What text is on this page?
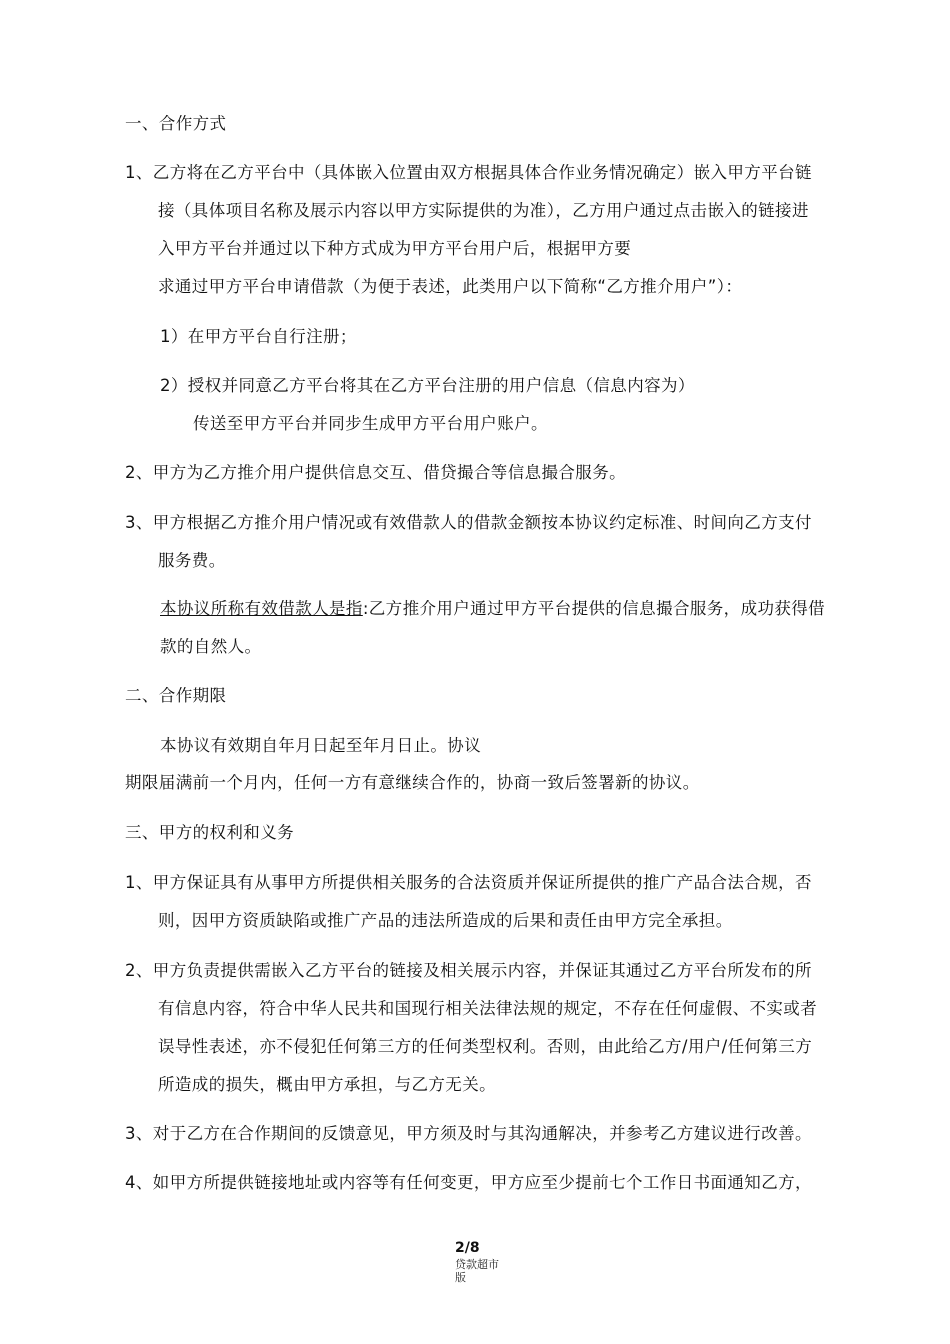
一、合作方式
1、乙方将在乙方平台中（具体嵌入位置由双方根据具体合作业务情况确定）嵌入甲方平台链
接（具体项目名称及展示内容以甲方实际提供的为准），乙方用户通过点击嵌入的链接进
入甲方平台并通过以下种方式成为甲方平台用户后，根据甲方要
求通过甲方平台申请借款（为便于表述，此类用户以下简称“乙方推介用户”）：
1）在甲方平台自行注册；
2）授权并同意乙方平台将其在乙方平台注册的用户信息（信息内容为）
传送至甲方平台并同步生成甲方平台用户账户。
2、甲方为乙方推介用户提供信息交互、借贷撮合等信息撮合服务。
3、甲方根据乙方推介用户情况或有效借款人的借款金额按本协议约定标准、时间向乙方支付
服务费。
本协议所称有效借款人是指:乙方推介用户通过甲方平台提供的信息撮合服务，成功获得借
款的自然人。
二、合作期限
本协议有效期自年月日起至年月日止。协议
期限届满前一个月内，任何一方有意继续合作的，协商一致后签署新的协议。
三、甲方的权利和义务
1、甲方保证具有从事甲方所提供相关服务的合法资质并保证所提供的推广产品合法合规，否
则，因甲方资质缺陷或推广产品的违法所造成的后果和责任由甲方完全承担。
2、甲方负责提供需嵌入乙方平台的链接及相关展示内容，并保证其通过乙方平台所发布的所
有信息内容，符合中华人民共和国现行相关法律法规的规定，不存在任何虚假、不实或者
误导性表述，亦不侵犯任何第三方的任何类型权利。否则，由此给乙方/用户/任何第三方
所造成的损失，概由甲方承担，与乙方无关。
3、对于乙方在合作期间的反馈意见，甲方须及时与其沟通解决，并参考乙方建议进行改善。
4、如甲方所提供链接地址或内容等有任何变更，甲方应至少提前七个工作日书面通知乙方，
2/8
贷款超市
版
